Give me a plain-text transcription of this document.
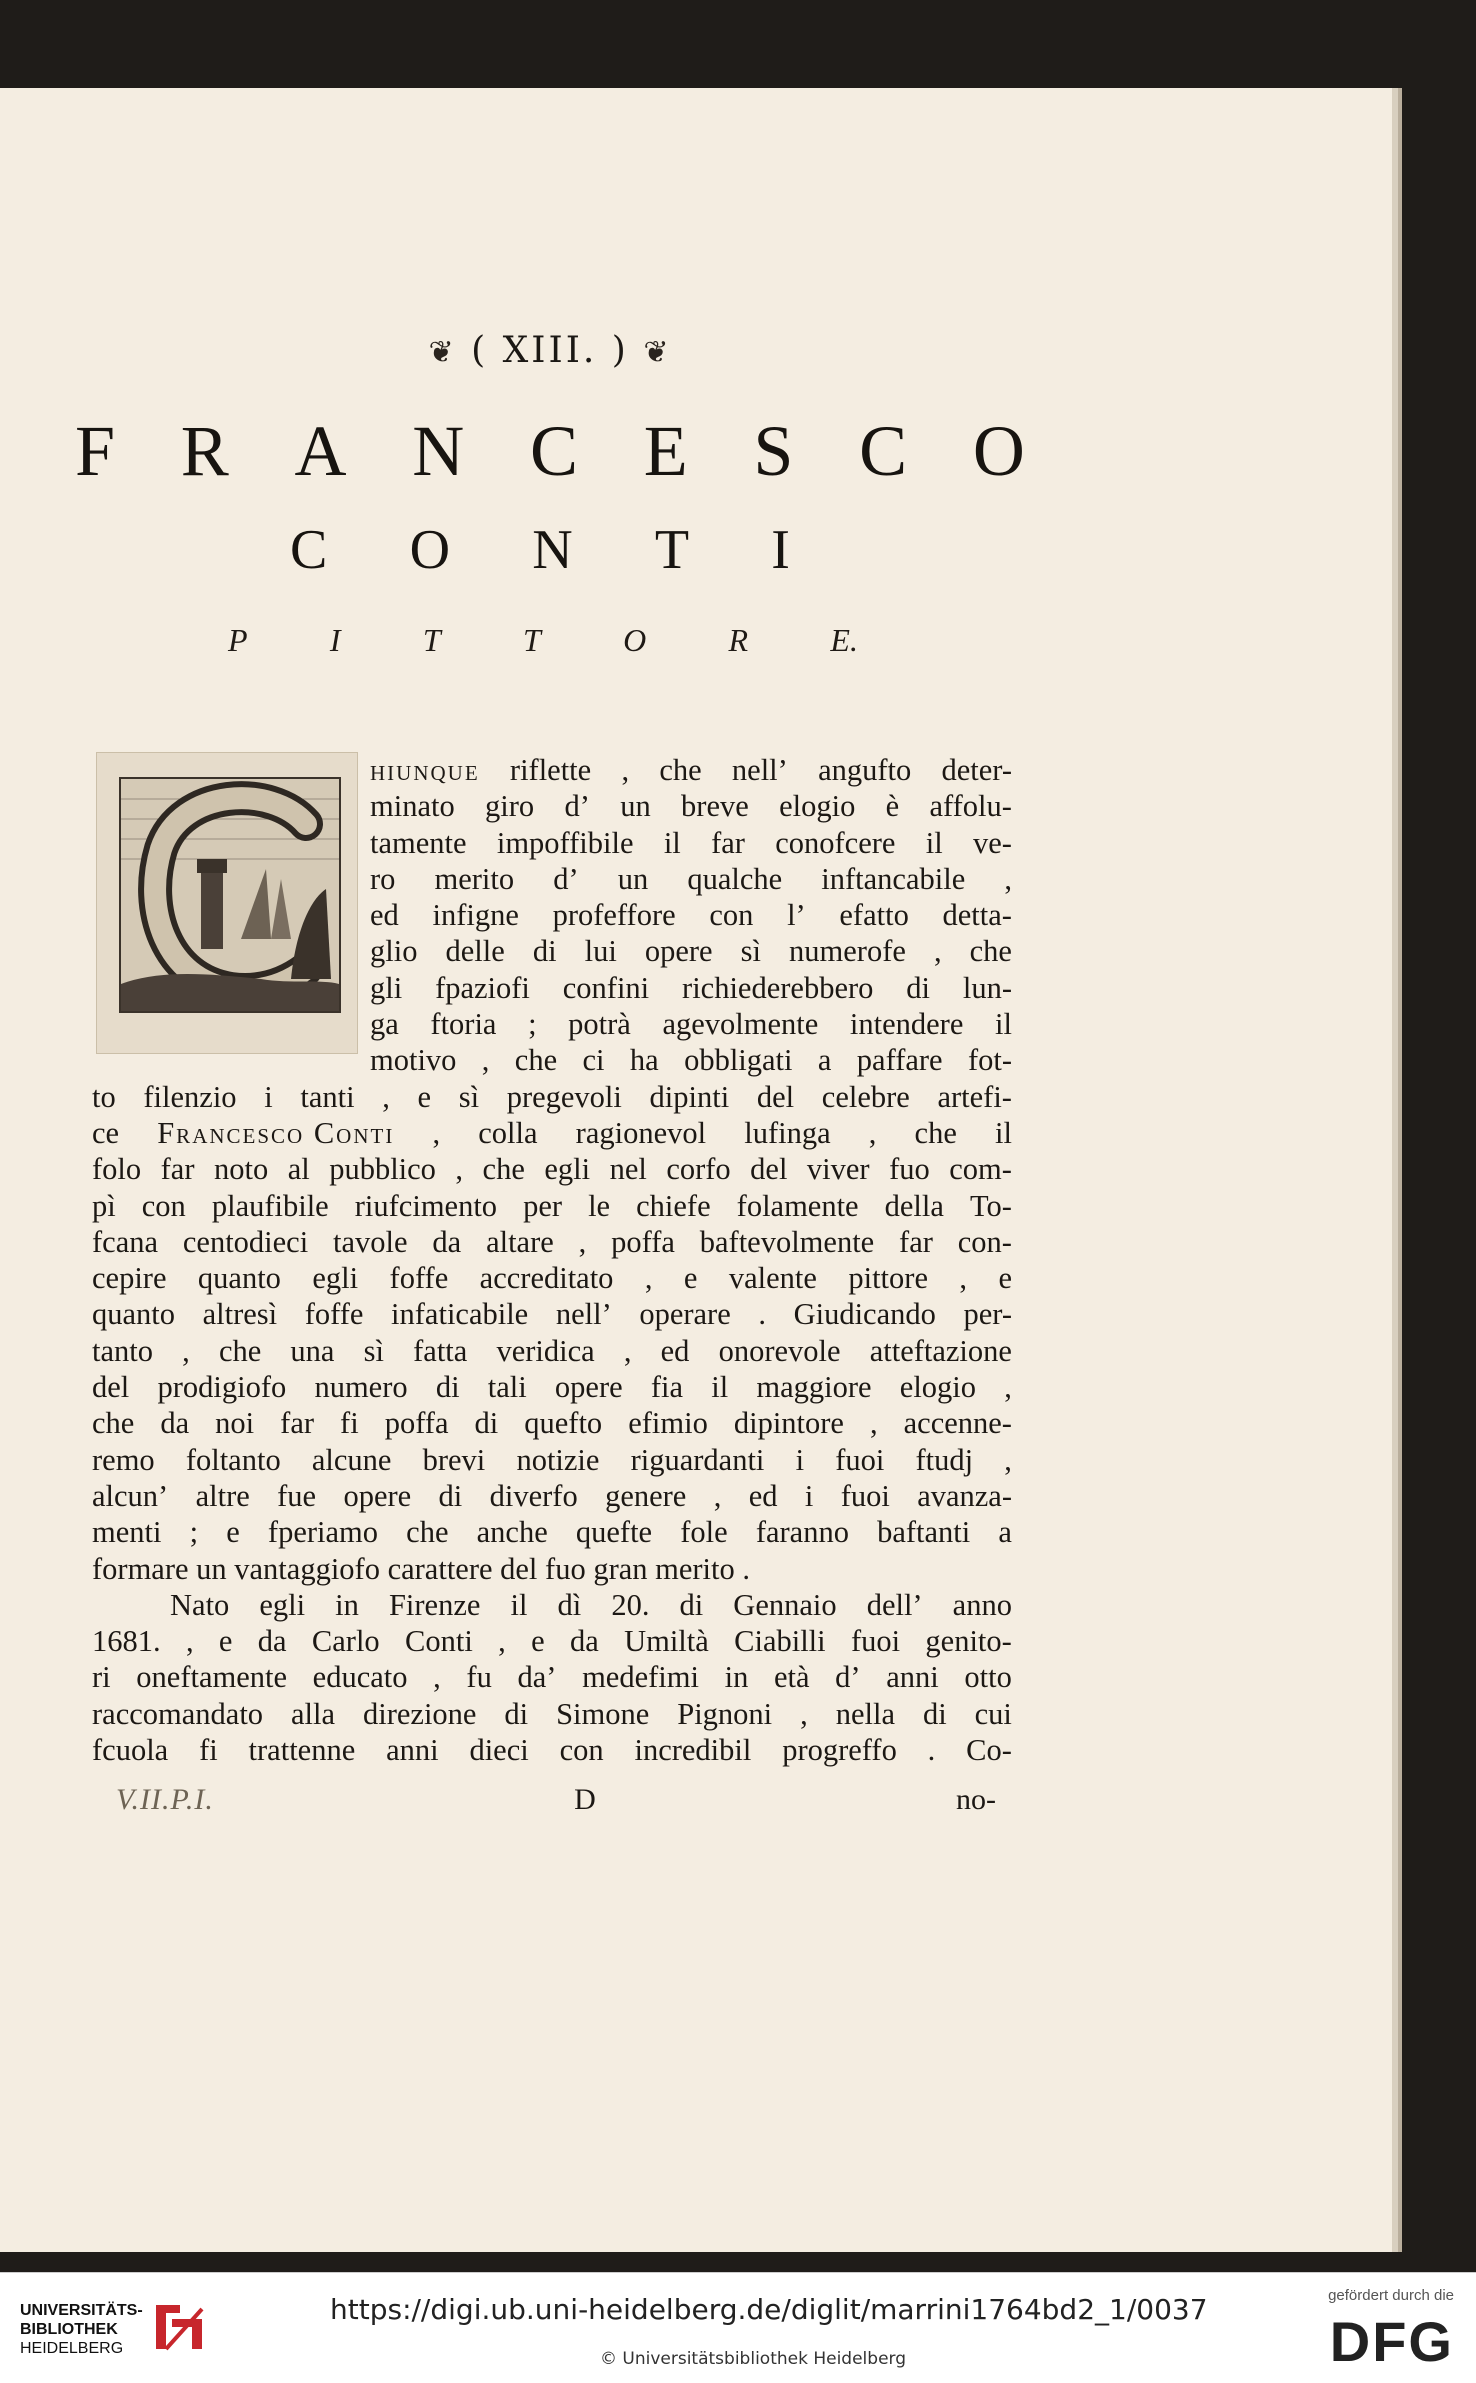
❦ ( XIII. ) ❦
F R A N C E S C O
C O N T I
P	I	T	T	O	R	E.
hiunque riflette , che nell’ angufto deter-
minato giro d’ un breve elogio è affolu-
tamente impoffibile il far conofcere il ve-
ro merito d’ un qualche inftancabile ,
ed infigne profeffore con l’ efatto detta-
glio delle di lui opere sì numerofe , che
gli fpaziofi confini richiederebbero di lun-
ga ftoria ; potrà agevolmente intendere il
motivo , che ci ha obbligati a paffare fot-
to filenzio i tanti , e sì pregevoli dipinti del celebre artefi-
ce Francesco Conti , colla ragionevol lufinga , che il
folo far noto al pubblico , che egli nel corfo del viver fuo com-
pì con plaufibile riufcimento per le chiefe folamente della To-
fcana centodieci tavole da altare , poffa baftevolmente far con-
cepire quanto egli foffe accreditato , e valente pittore , e
quanto altresì foffe infaticabile nell’ operare . Giudicando per-
tanto , che una sì fatta veridica , ed onorevole atteftazione
del prodigiofo numero di tali opere fia il maggiore elogio ,
che da noi far fi poffa di quefto efimio dipintore , accenne-
remo foltanto alcune brevi notizie riguardanti i fuoi ftudj ,
alcun’ altre fue opere di diverfo genere , ed i fuoi avanza-
menti ; e fperiamo che anche quefte fole faranno baftanti a
formare un vantaggiofo carattere del fuo gran merito .
Nato egli in Firenze il dì 20. di Gennaio dell’ anno
1681. , e da Carlo Conti , e da Umiltà Ciabilli fuoi genito-
ri oneftamente educato , fu da’ medefimi in età d’ anni otto
raccomandato alla direzione di Simone Pignoni , nella di cui
fcuola fi trattenne anni dieci con incredibil progreffo . Co-
V.II.P.I.	D	no-
UNIVERSITÄTS-
BIBLIOTHEK
HEIDELBERG
https://digi.ub.uni-heidelberg.de/diglit/marrini1764bd2_1/0037
© Universitätsbibliothek Heidelberg
gefördert durch die
DFG
